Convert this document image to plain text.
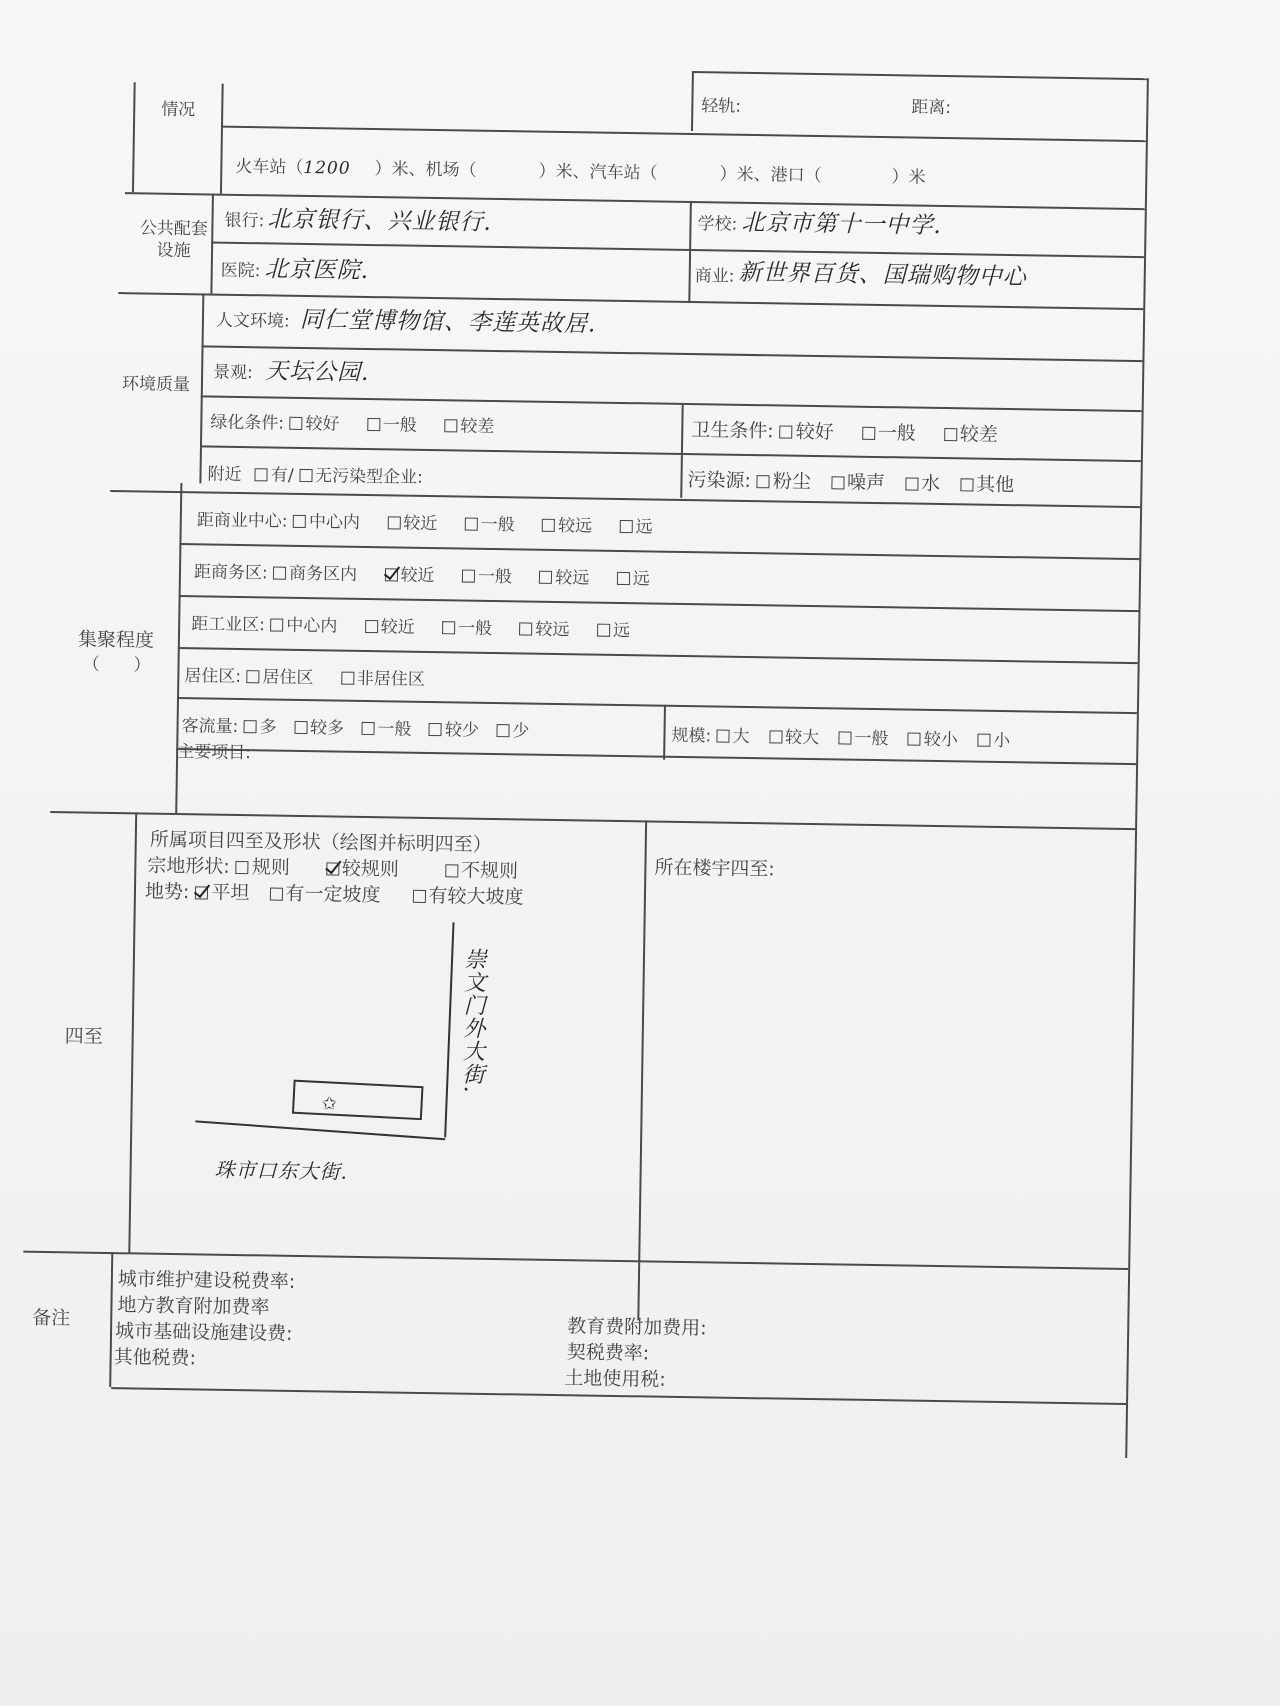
情况	轻轨:	距离:
火车站（1200 ）米、机场（	）米、汽车站（	）米、港口（	）米
公共配套设施
银行: 北京银行、兴业银行.	学校: 北京市第十一中学.
医院: 北京医院.	商业: 新世界百货、国瑞购物中心
环境质量
人文环境: 同仁堂博物馆、李莲英故居.
景观: 天坛公园.
绿化条件: 较好	一般	较差	卫生条件: 较好 一般 较差
附近 有/ 无污染型企业:	污染源: 粉尘 噪声 水 其他
集聚程度
（　　）
距商业中心: 中心内	较近	一般	较远	远
距商务区: 商务区内	较近	一般	较远	远
距工业区: 中心内	较近	一般	较远	远
居住区: 居住区	非居住区
客流量: 多 较多 一般 较少 少	规模: 大 较大 一般 较小 小
主要项目:
四至
所属项目四至及形状（绘图并标明四至）
宗地形状: 规则	较规则	不规则
地势: 平坦 有一定坡度	有较大坡度
所在楼宇四至:
✩
崇文门外大街.
珠市口东大街.
备注
城市维护建设税费率:
地方教育附加费率
城市基础设施建设费:
其他税费:
教育费附加费用:
契税费率:
土地使用税:
